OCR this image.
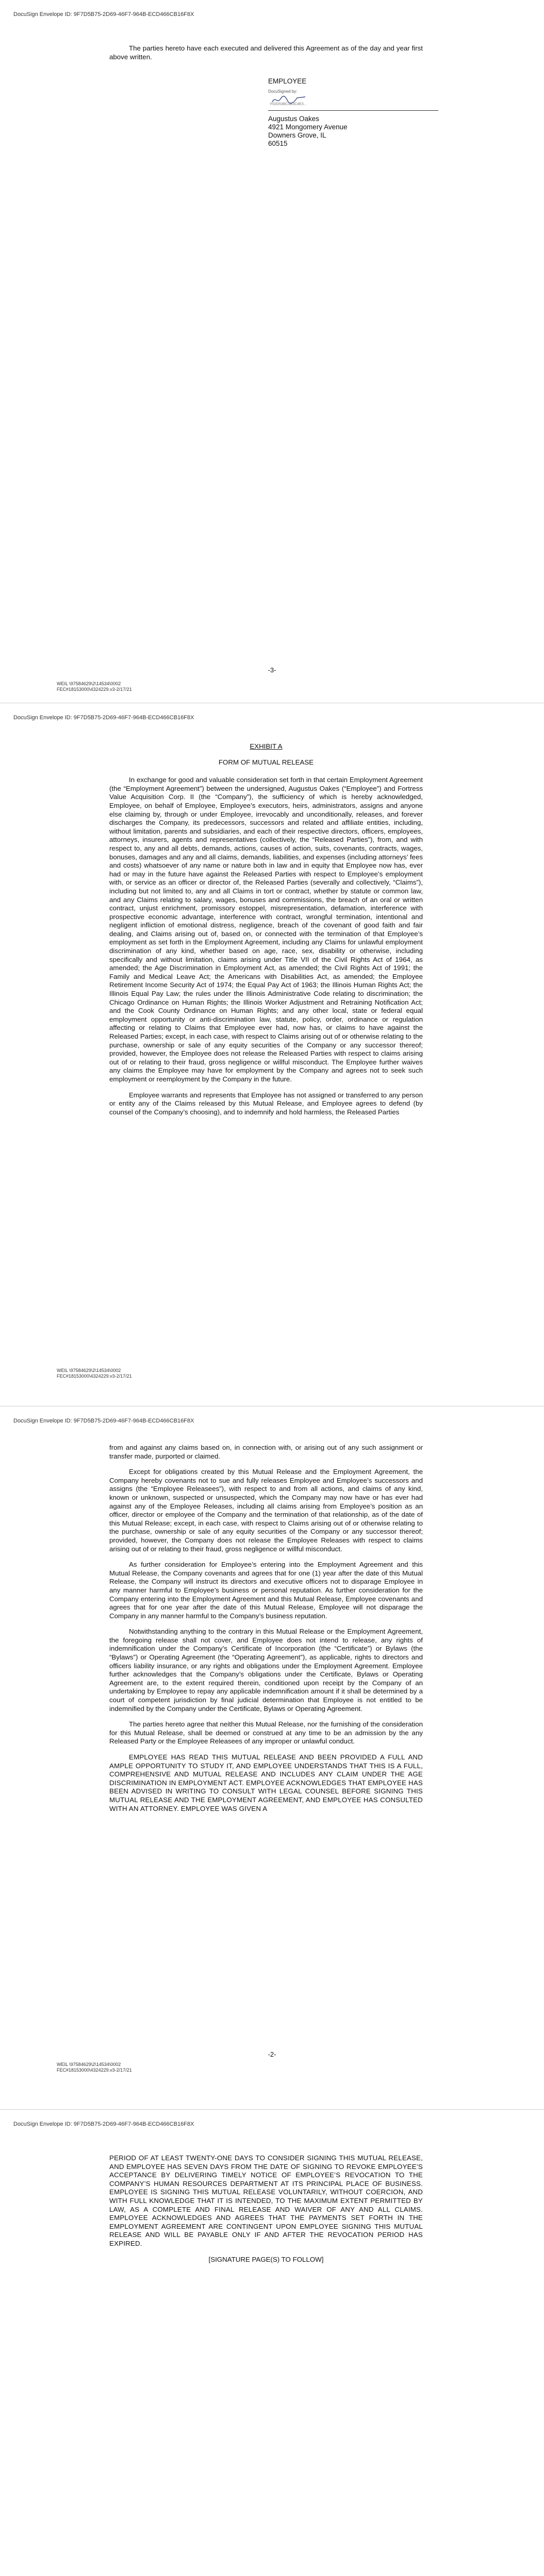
DocuSign Envelope ID: 9F7D5B75-2D69-46F7-964B-ECD466CB16F8X

The parties hereto have each executed and delivered this Agreement as of the day and year first above written.

EMPLOYEE
DocuSigned by:
F02D53BC4B3C4E3...
Augustus Oakes
4921 Mongomery Avenue
Downers Grove, IL
60515
-3-
WEIL \97584629\2\14534\0002
FEC#18153000\4324229.v3-2/17/21
DocuSign Envelope ID: 9F7D5B75-2D69-46F7-964B-ECD466CB16F8X

EXHIBIT A

FORM OF MUTUAL RELEASE

In exchange for good and valuable consideration set forth in that certain Employment Agreement (the “Employment Agreement”) between the undersigned, Augustus Oakes (“Employee”) and Fortress Value Acquisition Corp. II (the “Company”), the sufficiency of which is hereby acknowledged, Employee, on behalf of Employee, Employee’s executors, heirs, administrators, assigns and anyone else claiming by, through or under Employee, irrevocably and unconditionally, releases, and forever discharges the Company, its predecessors, successors and related and affiliate entities, including, without limitation, parents and subsidiaries, and each of their respective directors, officers, employees, attorneys, insurers, agents and representatives (collectively, the “Released Parties”), from, and with respect to, any and all debts, demands, actions, causes of action, suits, covenants, contracts, wages, bonuses, damages and any and all claims, demands, liabilities, and expenses (including attorneys’ fees and costs) whatsoever of any name or nature both in law and in equity that Employee now has, ever had or may in the future have against the Released Parties with respect to Employee’s employment with, or service as an officer or director of, the Released Parties (severally and collectively, “Claims”), including but not limited to, any and all Claims in tort or contract, whether by statute or common law, and any Claims relating to salary, wages, bonuses and commissions, the breach of an oral or written contract, unjust enrichment, promissory estoppel, misrepresentation, defamation, interference with prospective economic advantage, interference with contract, wrongful termination, intentional and negligent infliction of emotional distress, negligence, breach of the covenant of good faith and fair dealing, and Claims arising out of, based on, or connected with the termination of that Employee’s employment as set forth in the Employment Agreement, including any Claims for unlawful employment discrimination of any kind, whether based on age, race, sex, disability or otherwise, including specifically and without limitation, claims arising under Title VII of the Civil Rights Act of 1964, as amended; the Age Discrimination in Employment Act, as amended; the Civil Rights Act of 1991; the Family and Medical Leave Act; the Americans with Disabilities Act, as amended; the Employee Retirement Income Security Act of 1974; the Equal Pay Act of 1963; the Illinois Human Rights Act; the Illinois Equal Pay Law; the rules under the Illinois Administrative Code relating to discrimination; the Chicago Ordinance on Human Rights; the Illinois Worker Adjustment and Retraining Notification Act; and the Cook County Ordinance on Human Rights; and any other local, state or federal equal employment opportunity or anti-discrimination law, statute, policy, order, ordinance or regulation affecting or relating to Claims that Employee ever had, now has, or claims to have against the Released Parties; except, in each case, with respect to Claims arising out of or otherwise relating to the purchase, ownership or sale of any equity securities of the Company or any successor thereof; provided, however, the Employee does not release the Released Parties with respect to claims arising out of or relating to their fraud, gross negligence or willful misconduct. The Employee further waives any claims the Employee may have for employment by the Company and agrees not to seek such employment or reemployment by the Company in the future.

Employee warrants and represents that Employee has not assigned or transferred to any person or entity any of the Claims released by this Mutual Release, and Employee agrees to defend (by counsel of the Company’s choosing), and to indemnify and hold harmless, the Released Parties

WEIL \97584629\2\14534\0002
FEC#18153000\4324229.v3-2/17/21
DocuSign Envelope ID: 9F7D5B75-2D69-46F7-964B-ECD466CB16F8X

from and against any claims based on, in connection with, or arising out of any such assignment or transfer made, purported or claimed.

Except for obligations created by this Mutual Release and the Employment Agreement, the Company hereby covenants not to sue and fully releases Employee and Employee’s successors and assigns (the “Employee Releasees”), with respect to and from all actions, and claims of any kind, known or unknown, suspected or unsuspected, which the Company may now have or has ever had against any of the Employee Releases, including all claims arising from Employee’s position as an officer, director or employee of the Company and the termination of that relationship, as of the date of this Mutual Release; except, in each case, with respect to Claims arising out of or otherwise relating to the purchase, ownership or sale of any equity securities of the Company or any successor thereof; provided, however, the Company does not release the Employee Releases with respect to claims arising out of or relating to their fraud, gross negligence or willful misconduct.

As further consideration for Employee’s entering into the Employment Agreement and this Mutual Release, the Company covenants and agrees that for one (1) year after the date of this Mutual Release, the Company will instruct its directors and executive officers not to disparage Employee in any manner harmful to Employee’s business or personal reputation. As further consideration for the Company entering into the Employment Agreement and this Mutual Release, Employee covenants and agrees that for one year after the date of this Mutual Release, Employee will not disparage the Company in any manner harmful to the Company’s business reputation.

Notwithstanding anything to the contrary in this Mutual Release or the Employment Agreement, the foregoing release shall not cover, and Employee does not intend to release, any rights of indemnification under the Company’s Certificate of Incorporation (the “Certificate”) or Bylaws (the “Bylaws”) or Operating Agreement (the “Operating Agreement”), as applicable, rights to directors and officers liability insurance, or any rights and obligations under the Employment Agreement. Employee further acknowledges that the Company’s obligations under the Certificate, Bylaws or Operating Agreement are, to the extent required therein, conditioned upon receipt by the Company of an undertaking by Employee to repay any applicable indemnification amount if it shall be determined by a court of competent jurisdiction by final judicial determination that Employee is not entitled to be indemnified by the Company under the Certificate, Bylaws or Operating Agreement.

The parties hereto agree that neither this Mutual Release, nor the furnishing of the consideration for this Mutual Release, shall be deemed or construed at any time to be an admission by the any Released Party or the Employee Releasees of any improper or unlawful conduct.

EMPLOYEE HAS READ THIS MUTUAL RELEASE AND BEEN PROVIDED A FULL AND AMPLE OPPORTUNITY TO STUDY IT, AND EMPLOYEE UNDERSTANDS THAT THIS IS A FULL, COMPREHENSIVE AND MUTUAL RELEASE AND INCLUDES ANY CLAIM UNDER THE AGE DISCRIMINATION IN EMPLOYMENT ACT. EMPLOYEE ACKNOWLEDGES THAT EMPLOYEE HAS BEEN ADVISED IN WRITING TO CONSULT WITH LEGAL COUNSEL BEFORE SIGNING THIS MUTUAL RELEASE AND THE EMPLOYMENT AGREEMENT, AND EMPLOYEE HAS CONSULTED WITH AN ATTORNEY. EMPLOYEE WAS GIVEN A

-2-
WEIL \97584629\2\14534\0002
FEC#18153000\4324229.v3-2/17/21
DocuSign Envelope ID: 9F7D5B75-2D69-46F7-964B-ECD466CB16F8X

PERIOD OF AT LEAST TWENTY-ONE DAYS TO CONSIDER SIGNING THIS MUTUAL RELEASE, AND EMPLOYEE HAS SEVEN DAYS FROM THE DATE OF SIGNING TO REVOKE EMPLOYEE’S ACCEPTANCE BY DELIVERING TIMELY NOTICE OF EMPLOYEE’S REVOCATION TO THE COMPANY’S HUMAN RESOURCES DEPARTMENT AT ITS PRINCIPAL PLACE OF BUSINESS. EMPLOYEE IS SIGNING THIS MUTUAL RELEASE VOLUNTARILY, WITHOUT COERCION, AND WITH FULL KNOWLEDGE THAT IT IS INTENDED, TO THE MAXIMUM EXTENT PERMITTED BY LAW, AS A COMPLETE AND FINAL RELEASE AND WAIVER OF ANY AND ALL CLAIMS. EMPLOYEE ACKNOWLEDGES AND AGREES THAT THE PAYMENTS SET FORTH IN THE EMPLOYMENT AGREEMENT ARE CONTINGENT UPON EMPLOYEE SIGNING THIS MUTUAL RELEASE AND WILL BE PAYABLE ONLY IF AND AFTER THE REVOCATION PERIOD HAS EXPIRED.

[SIGNATURE PAGE(S) TO FOLLOW]
